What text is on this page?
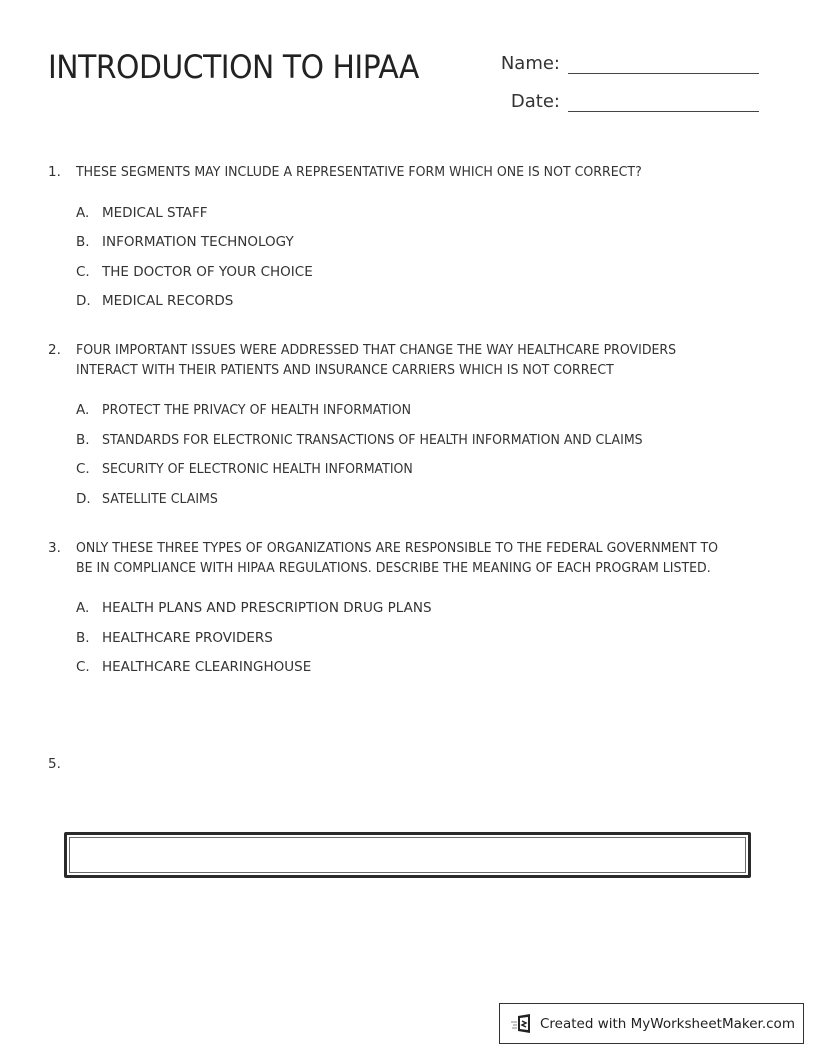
INTRODUCTION TO HIPAA	Name:
Date:
1.	THESE SEGMENTS MAY INCLUDE A REPRESENTATIVE FORM WHICH ONE IS NOT CORRECT?
A. MEDICAL STAFF
B. INFORMATION TECHNOLOGY
C. THE DOCTOR OF YOUR CHOICE
D. MEDICAL RECORDS
2.	FOUR IMPORTANT ISSUES WERE ADDRESSED THAT CHANGE THE WAY HEALTHCARE PROVIDERS INTERACT WITH THEIR PATIENTS AND INSURANCE CARRIERS WHICH IS NOT CORRECT
A. PROTECT THE PRIVACY OF HEALTH INFORMATION
B. STANDARDS FOR ELECTRONIC TRANSACTIONS OF HEALTH INFORMATION AND CLAIMS
C. SECURITY OF ELECTRONIC HEALTH INFORMATION
D. SATELLITE CLAIMS
3.	ONLY THESE THREE TYPES OF ORGANIZATIONS ARE RESPONSIBLE TO THE FEDERAL GOVERNMENT TO BE IN COMPLIANCE WITH HIPAA REGULATIONS. DESCRIBE THE MEANING OF EACH PROGRAM LISTED.
A. HEALTH PLANS AND PRESCRIPTION DRUG PLANS
B. HEALTHCARE PROVIDERS
C. HEALTHCARE CLEARINGHOUSE
5.
Created with MyWorksheetMaker.com
